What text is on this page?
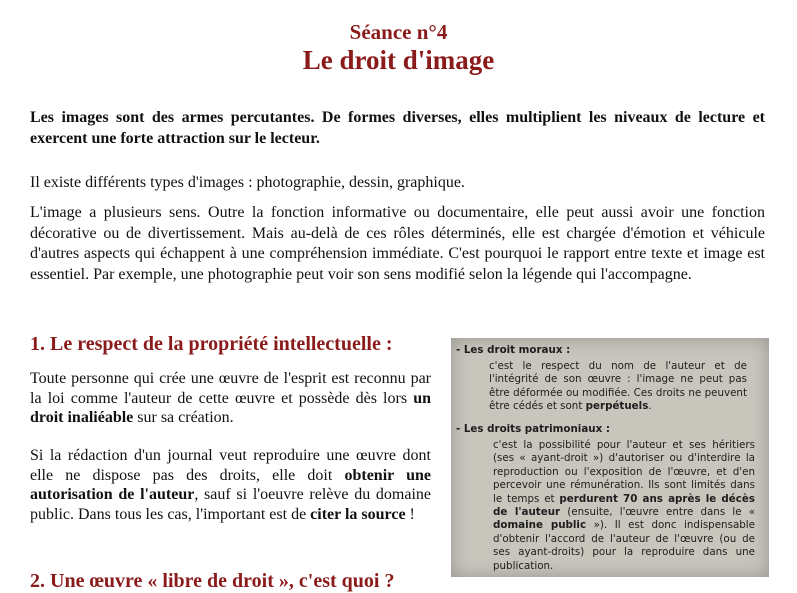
Séance n°4
Le droit d'image

Les images sont des armes percutantes. De formes diverses, elles multiplient les niveaux de lecture et exercent une forte attraction sur le lecteur.

Il existe différents types d'images : photographie, dessin, graphique.

L'image a plusieurs sens. Outre la fonction informative ou documentaire, elle peut aussi avoir une fonction décorative ou de divertissement. Mais au-delà de ces rôles déterminés, elle est chargée d'émotion et véhicule d'autres aspects qui échappent à une compréhension immédiate. C'est pourquoi le rapport entre texte et image est essentiel. Par exemple, une photographie peut voir son sens modifié selon la légende qui l'accompagne.

1. Le respect de la propriété intellectuelle :

Toute personne qui crée une œuvre de l'esprit est reconnu par la loi comme l'auteur de cette œuvre et possède dès lors un droit inaliéable sur sa création.

Si la rédaction d'un journal veut reproduire une œuvre dont elle ne dispose pas des droits, elle doit obtenir une autorisation de l'auteur, sauf si l'oeuvre relève du domaine public. Dans tous les cas, l'important est de citer la source !

2. Une œuvre « libre de droit », c'est quoi ?
- Les droit moraux :
c'est le respect du nom de l'auteur et de l'intégrité de son œuvre : l'image ne peut pas être déformée ou modifiée. Ces droits ne peuvent être cédés et sont perpétuels.
- Les droits patrimoniaux :
c'est la possibilité pour l'auteur et ses héritiers (ses « ayant-droit ») d'autoriser ou d'interdire la reproduction ou l'exposition de l'œuvre, et d'en percevoir une rémunération. Ils sont limités dans le temps et perdurent 70 ans après le décès de l'auteur (ensuite, l'œuvre entre dans le « domaine public »). Il est donc indispensable d'obtenir l'accord de l'auteur de l'œuvre (ou de ses ayant-droits) pour la reproduire dans une publication.
